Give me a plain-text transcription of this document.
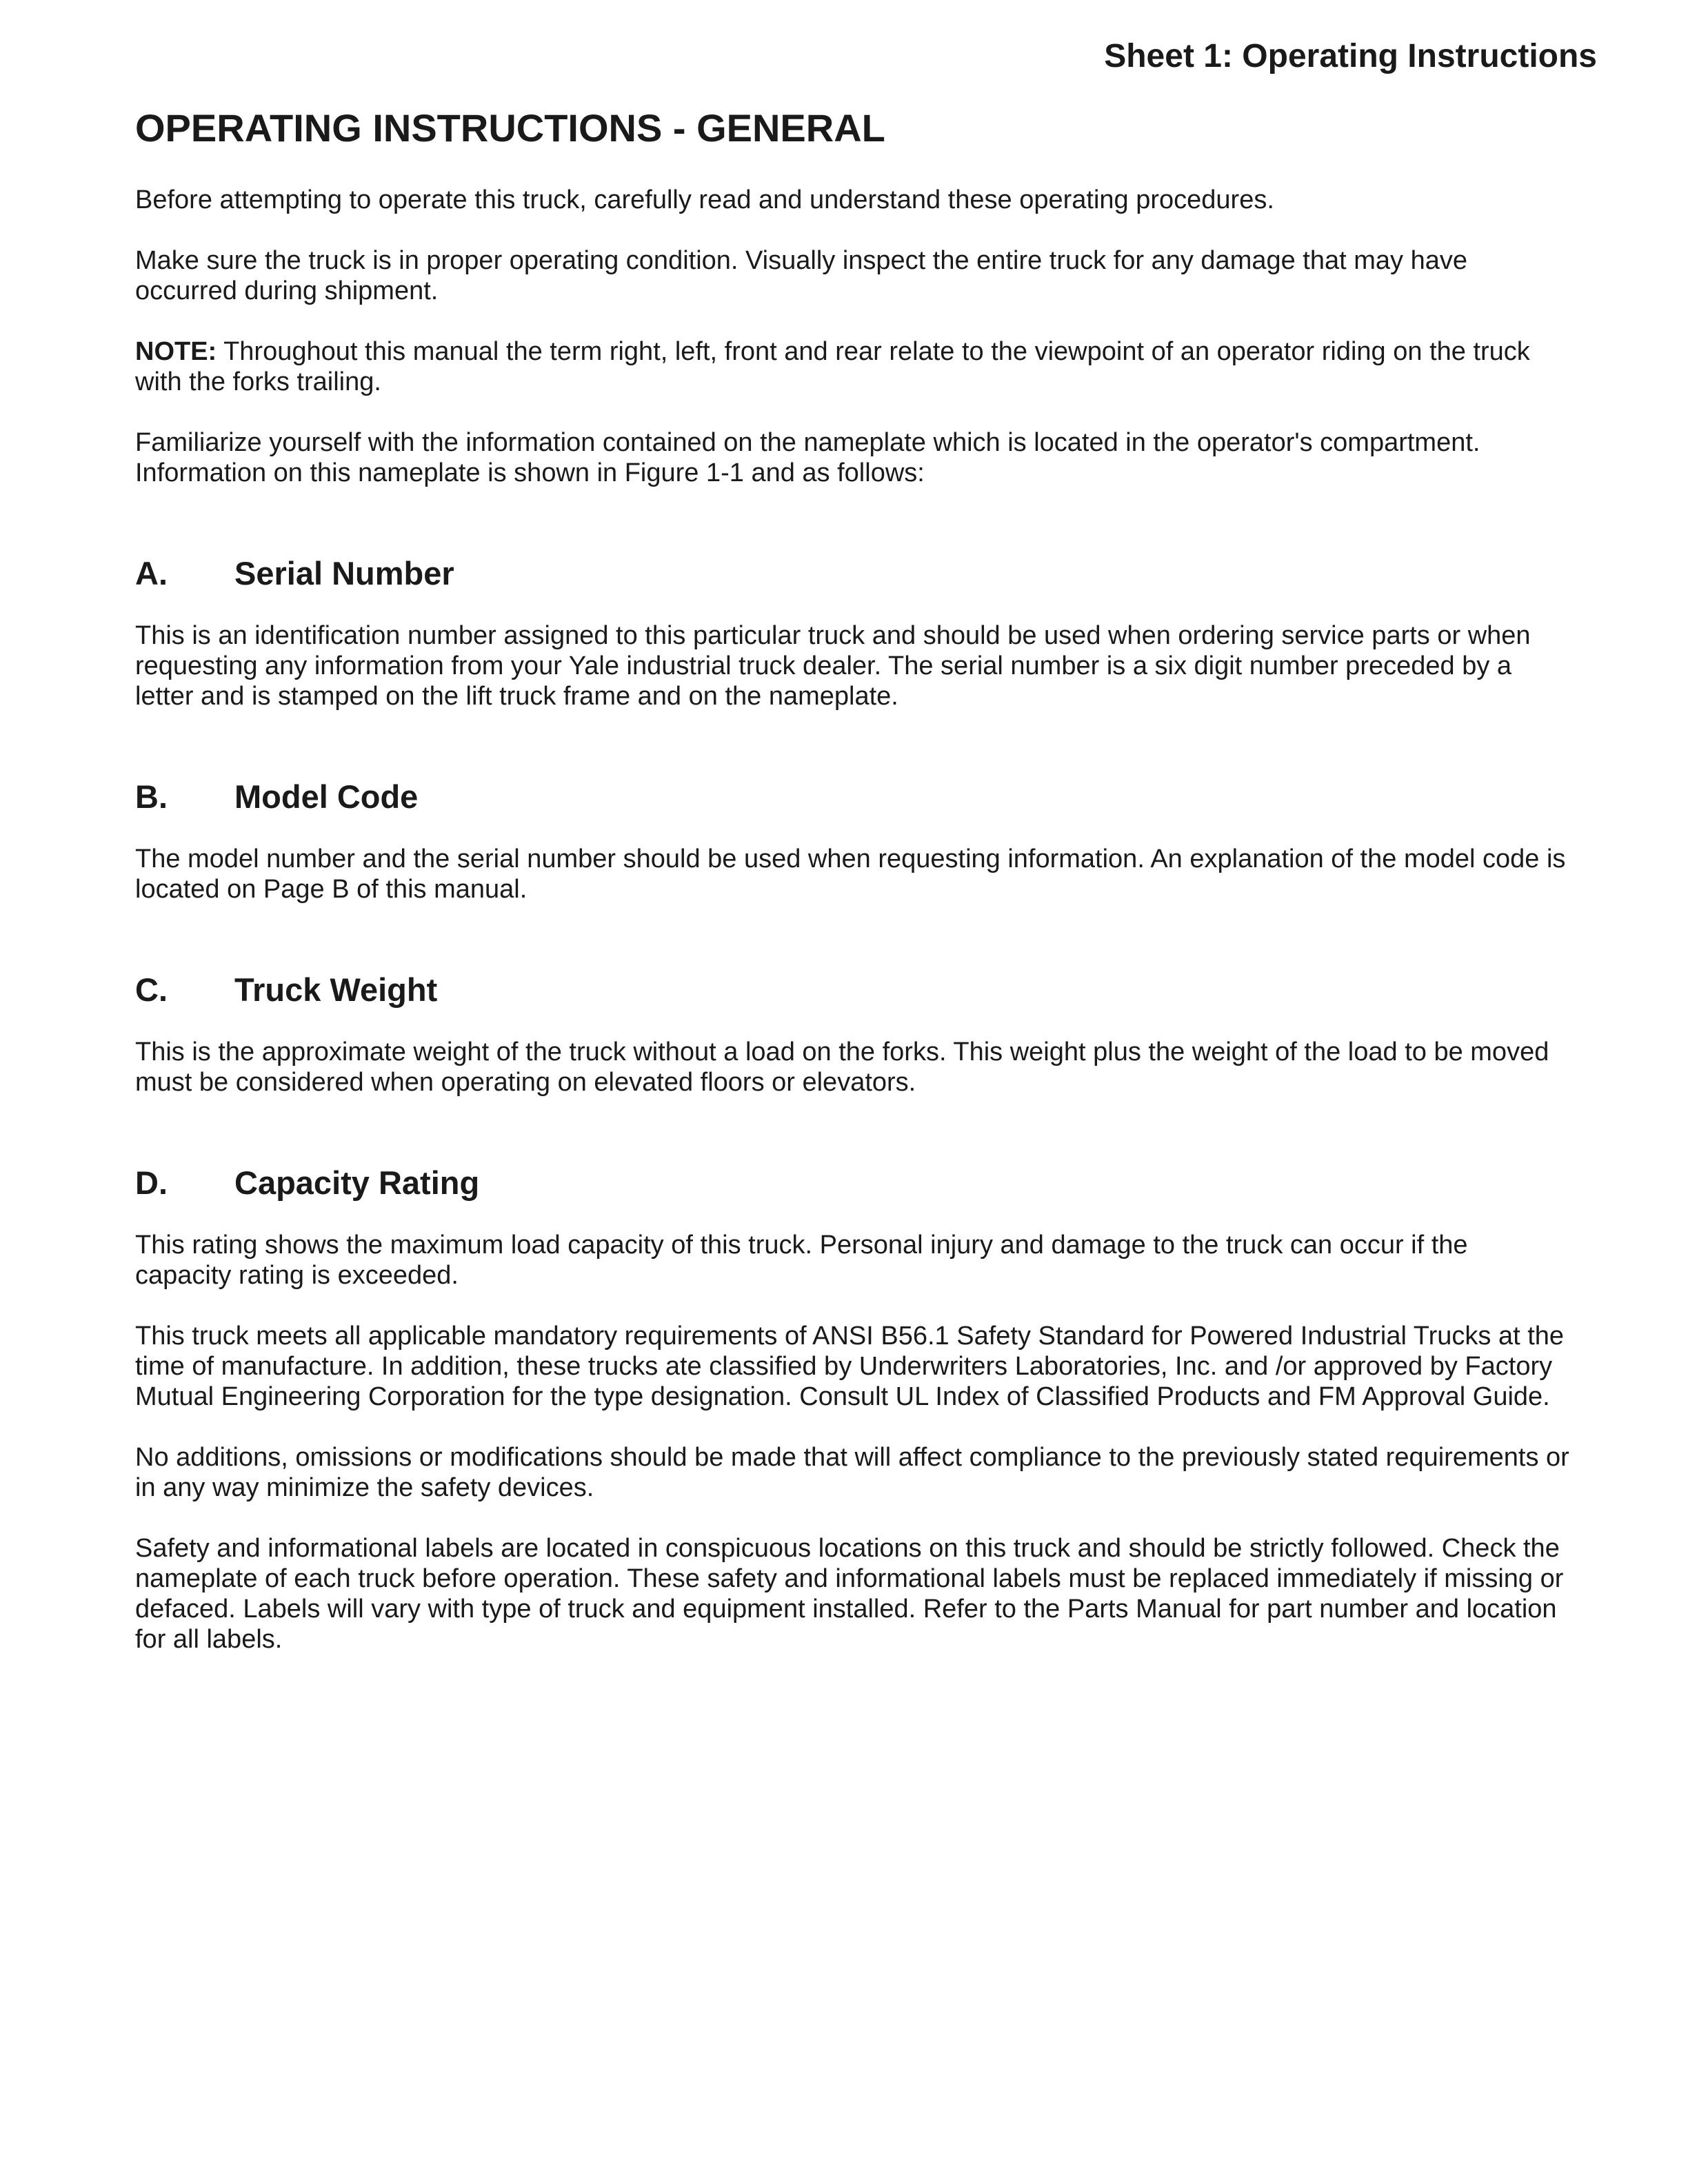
Sheet 1: Operating Instructions
OPERATING INSTRUCTIONS - GENERAL

Before attempting to operate this truck, carefully read and understand these operating procedures.

Make sure the truck is in proper operating condition. Visually inspect the entire truck for any damage that may have occurred during shipment.

NOTE: Throughout this manual the term right, left, front and rear relate to the viewpoint of an operator riding on the truck with the forks trailing.

Familiarize yourself with the information contained on the nameplate which is located in the operator's compartment. Information on this nameplate is shown in Figure 1-1 and as follows:

A.	Serial Number

This is an identification number assigned to this particular truck and should be used when ordering service parts or when requesting any information from your Yale industrial truck dealer. The serial number is a six digit number preceded by a letter and is stamped on the lift truck frame and on the nameplate.

B.	Model Code

The model number and the serial number should be used when requesting information. An explanation of the model code is located on Page B of this manual.

C.	Truck Weight

This is the approximate weight of the truck without a load on the forks. This weight plus the weight of the load to be moved must be considered when operating on elevated floors or elevators.

D.	Capacity Rating

This rating shows the maximum load capacity of this truck. Personal injury and damage to the truck can occur if the capacity rating is exceeded.

This truck meets all applicable mandatory requirements of ANSI B56.1 Safety Standard for Powered Industrial Trucks at the time of manufacture. In addition, these trucks ate classified by Underwriters Laboratories, Inc. and /or approved by Factory Mutual Engineering Corporation for the type designation. Consult UL Index of Classified Products and FM Approval Guide.

No additions, omissions or modifications should be made that will affect compliance to the previously stated requirements or in any way minimize the safety devices.

Safety and informational labels are located in conspicuous locations on this truck and should be strictly followed. Check the nameplate of each truck before operation. These safety and informational labels must be replaced immediately if missing or defaced. Labels will vary with type of truck and equipment installed. Refer to the Parts Manual for part number and location for all labels.
